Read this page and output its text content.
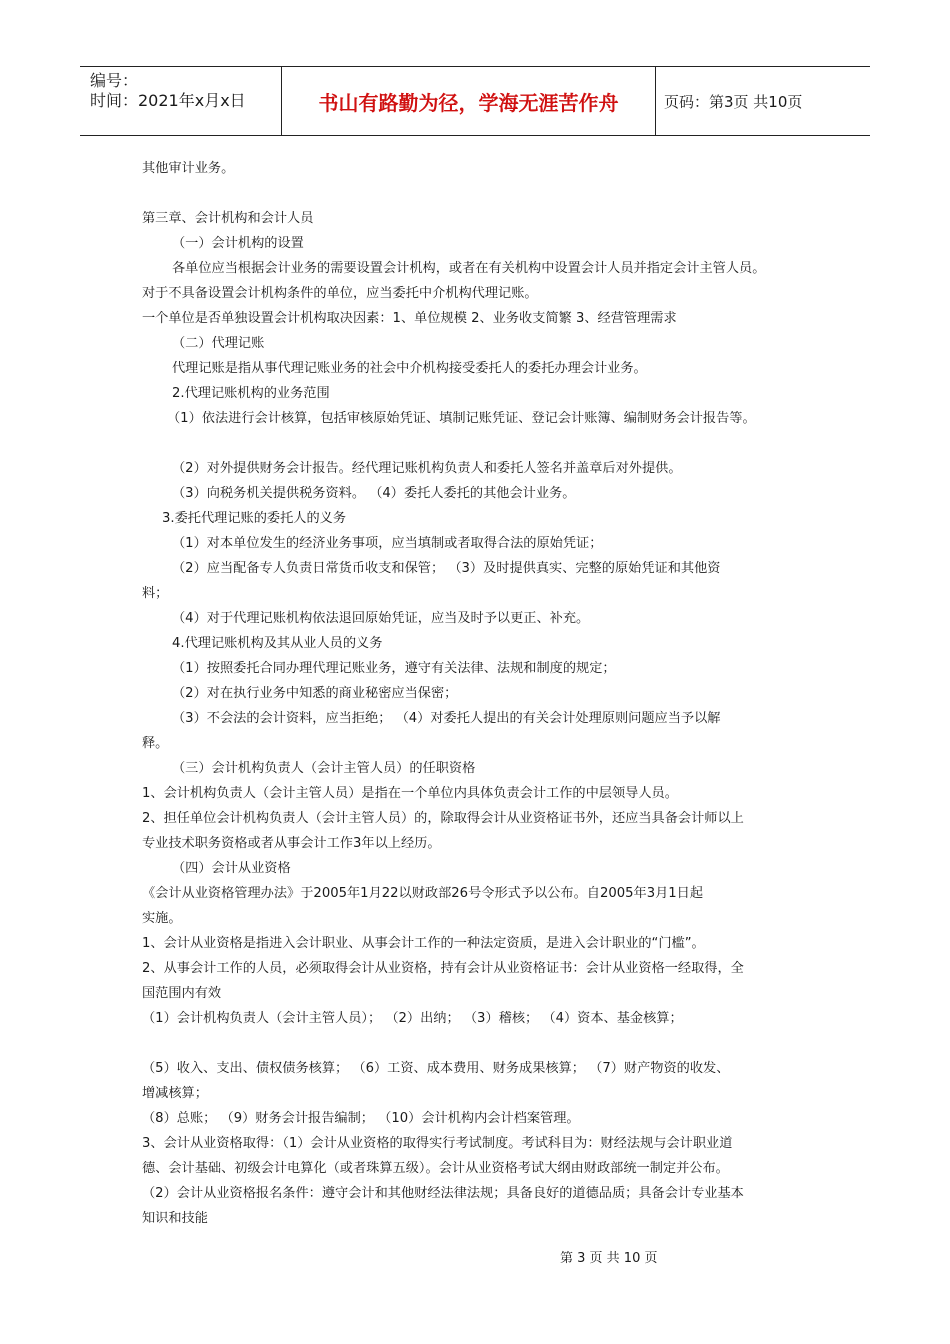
编号：
时间：2021年x月x日	书山有路勤为径，学海无涯苦作舟	页码：第3页 共10页
其他审计业务。
第三章、会计机构和会计人员
（一）会计机构的设置
各单位应当根据会计业务的需要设置会计机构，或者在有关机构中设置会计人员并指定会计主管人员。
对于不具备设置会计机构条件的单位，应当委托中介机构代理记账。
一个单位是否单独设置会计机构取决因素：1、单位规模 2、业务收支简繁 3、经营管理需求
（二）代理记账
代理记账是指从事代理记账业务的社会中介机构接受委托人的委托办理会计业务。
2.代理记账机构的业务范围
（1）依法进行会计核算，包括审核原始凭证、填制记账凭证、登记会计账簿、编制财务会计报告等。
（2）对外提供财务会计报告。经代理记账机构负责人和委托人签名并盖章后对外提供。
（3）向税务机关提供税务资料。 （4）委托人委托的其他会计业务。
3.委托代理记账的委托人的义务
（1）对本单位发生的经济业务事项，应当填制或者取得合法的原始凭证；
（2）应当配备专人负责日常货币收支和保管； （3）及时提供真实、完整的原始凭证和其他资
料；
（4）对于代理记账机构依法退回原始凭证，应当及时予以更正、补充。
4.代理记账机构及其从业人员的义务
（1）按照委托合同办理代理记账业务，遵守有关法律、法规和制度的规定；
（2）对在执行业务中知悉的商业秘密应当保密；
（3）不会法的会计资料，应当拒绝； （4）对委托人提出的有关会计处理原则问题应当予以解
释。
（三）会计机构负责人（会计主管人员）的任职资格
1、会计机构负责人（会计主管人员）是指在一个单位内具体负责会计工作的中层领导人员。
2、担任单位会计机构负责人（会计主管人员）的，除取得会计从业资格证书外，还应当具备会计师以上
专业技术职务资格或者从事会计工作3年以上经历。
（四）会计从业资格
《会计从业资格管理办法》于2005年1月22以财政部26号令形式予以公布。自2005年3月1日起
实施。
1、会计从业资格是指进入会计职业、从事会计工作的一种法定资质，是进入会计职业的“门槛”。
2、从事会计工作的人员，必须取得会计从业资格，持有会计从业资格证书：会计从业资格一经取得，全
国范围内有效
（1）会计机构负责人（会计主管人员）； （2）出纳； （3）稽核； （4）资本、基金核算；
（5）收入、支出、债权债务核算； （6）工资、成本费用、财务成果核算； （7）财产物资的收发、
增减核算；
（8）总账； （9）财务会计报告编制； （10）会计机构内会计档案管理。
3、会计从业资格取得：（1）会计从业资格的取得实行考试制度。考试科目为：财经法规与会计职业道
德、会计基础、初级会计电算化（或者珠算五级）。会计从业资格考试大纲由财政部统一制定并公布。
（2）会计从业资格报名条件：遵守会计和其他财经法律法规；具备良好的道德品质；具备会计专业基本
知识和技能
第 3 页 共 10 页
